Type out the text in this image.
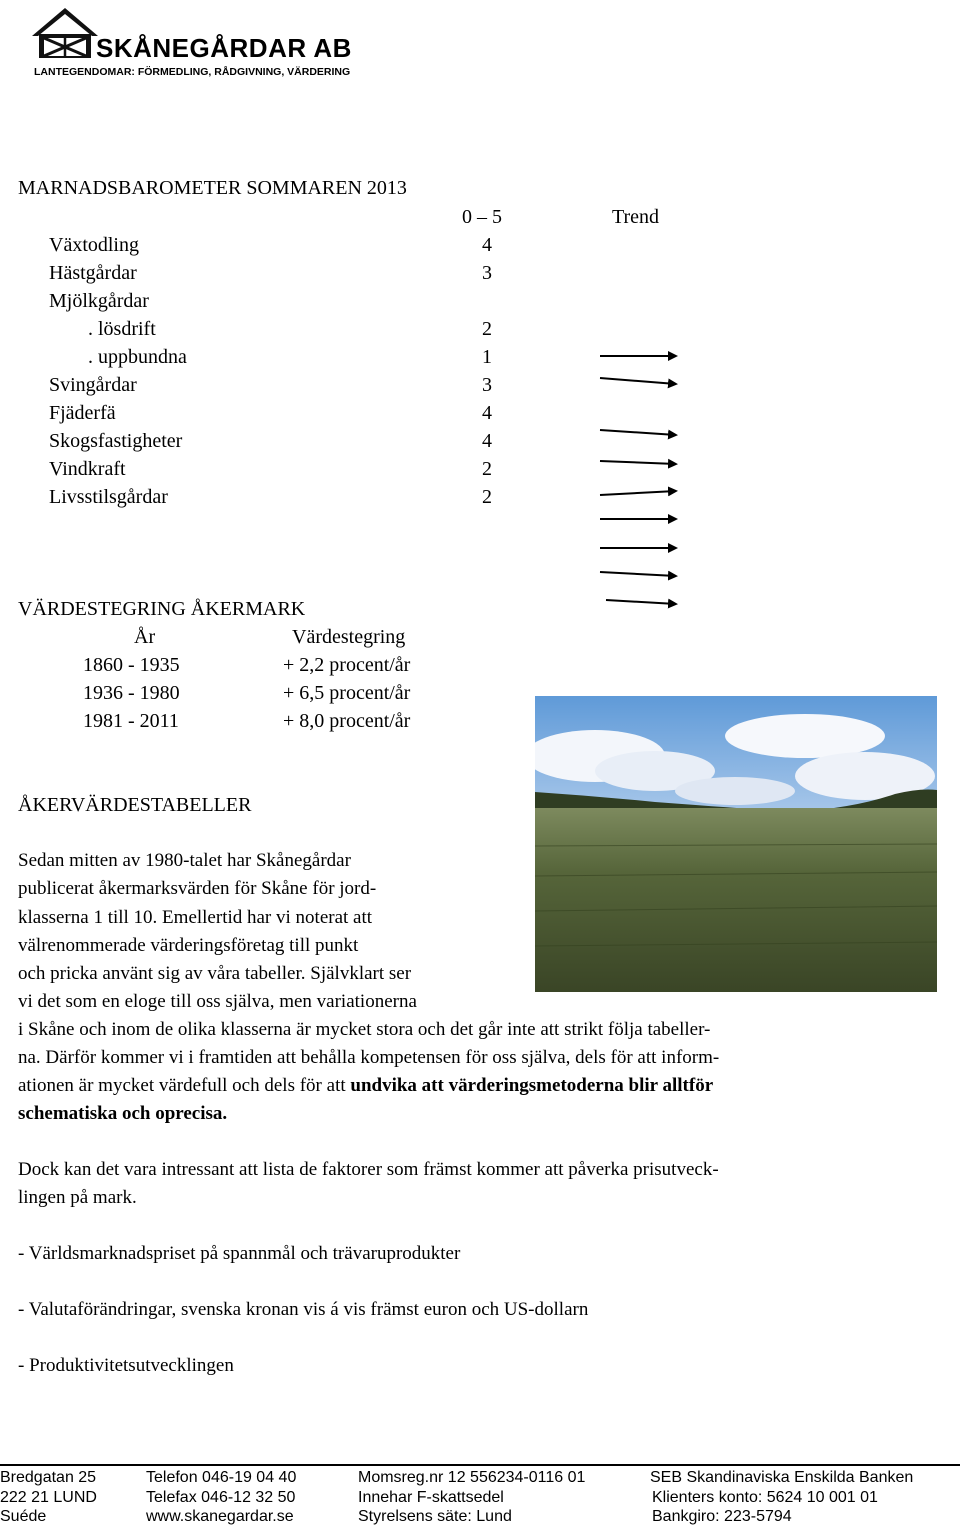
SKÅNEGÅRDAR AB
LANTEGENDOMAR: FÖRMEDLING, RÅDGIVNING, VÄRDERING
MARNADSBAROMETER SOMMAREN 2013
0 – 5	Trend
Växtodling	4
Hästgårdar	3
Mjölkgårdar
. lösdrift	2
. uppbundna	1
Svingårdar	3
Fjäderfä	4
Skogsfastigheter	4
Vindkraft	2
Livsstilsgårdar	2
VÄRDESTEGRING ÅKERMARK
År	Värdestegring
1860 - 1935	+ 2,2 procent/år
1936 - 1980	+ 6,5 procent/år
1981 - 2011	+ 8,0 procent/år
ÅKERVÄRDESTABELLER
Sedan mitten av 1980-talet har Skånegårdar
publicerat åkermarksvärden för Skåne för jord-
klasserna 1 till 10. Emellertid har vi noterat att
välrenommerade värderingsföretag till punkt
och pricka använt sig av våra tabeller. Självklart ser
vi det som en eloge till oss själva, men variationerna
i Skåne och inom de olika klasserna är mycket stora och det går inte att strikt följa tabeller-
na. Därför kommer vi i framtiden att behålla kompetensen för oss själva, dels för att inform-
ationen är mycket värdefull och dels för att undvika att värderingsmetoderna blir alltför
schematiska och oprecisa.
Dock kan det vara intressant att lista de faktorer som främst kommer att påverka prisutveck-
lingen på mark.
- Världsmarknadspriset på spannmål och trävaruprodukter
- Valutaförändringar, svenska kronan vis á vis främst euron och US-dollarn
- Produktivitetsutvecklingen
Bredgatan 25
222 21 LUND
Suéde
Telefon 046-19 04 40
Telefax 046-12 32 50
www.skanegardar.se
Momsreg.nr 12 556234-0116 01
Innehar F-skattsedel
Styrelsens säte: Lund
SEB Skandinaviska Enskilda Banken
Klienters konto: 5624 10 001 01
Bankgiro: 223-5794
